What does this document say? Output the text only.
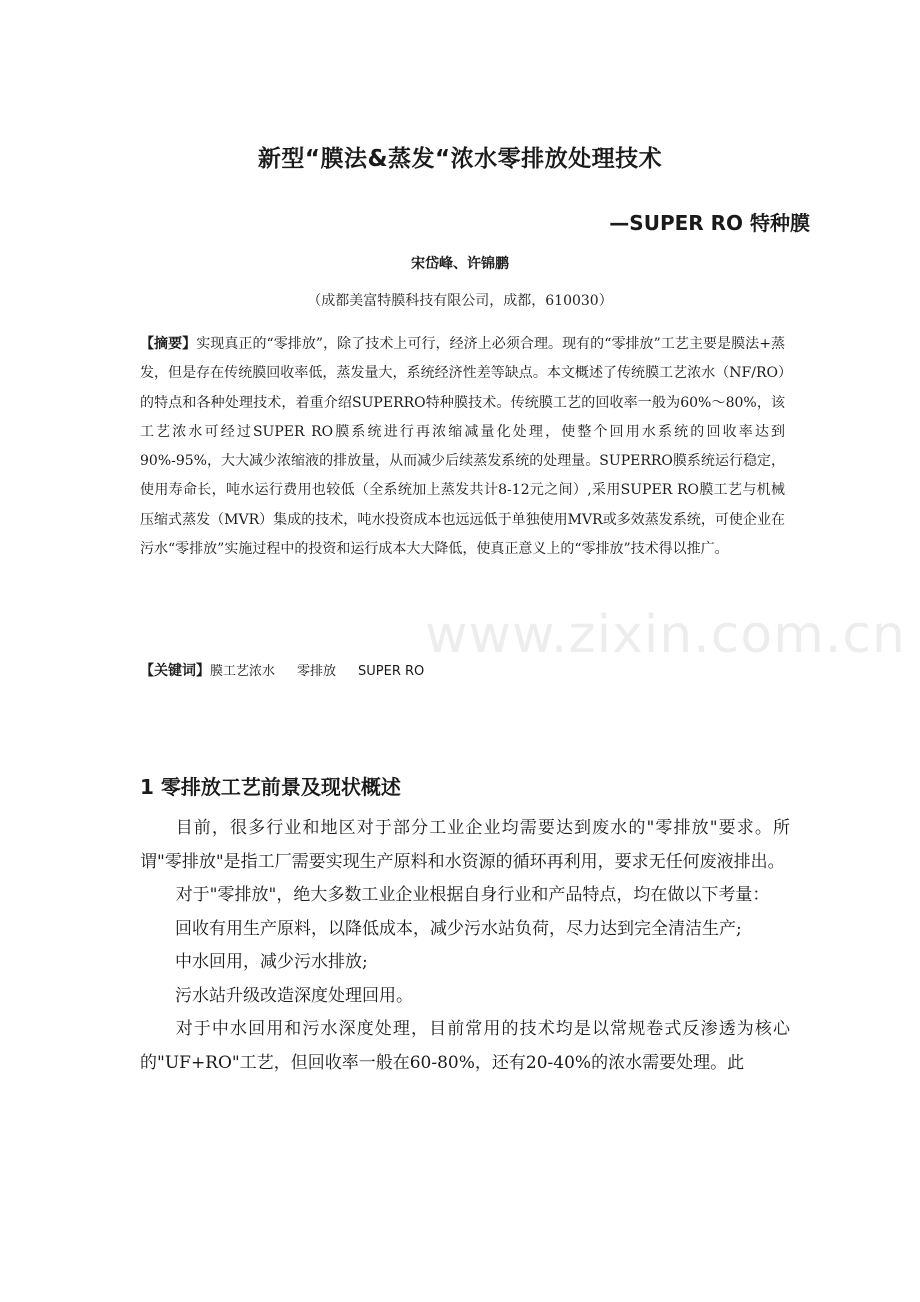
新型“膜法&蒸发“浓水零排放处理技术
—SUPER RO 特种膜
宋岱峰、许锦鹏
（成都美富特膜科技有限公司，成都，610030）

【摘要】实现真正的“零排放”，除了技术上可行，经济上必须合理。现有的“零排放”工艺主要是膜法+蒸发，但是存在传统膜回收率低，蒸发量大，系统经济性差等缺点。本文概述了传统膜工艺浓水（NF/RO）的特点和各种处理技术，着重介绍SUPERRO特种膜技术。传统膜工艺的回收率一般为60%～80%，该工艺浓水可经过SUPER RO膜系统进行再浓缩减量化处理，使整个回用水系统的回收率达到90%-95%，大大减少浓缩液的排放量，从而减少后续蒸发系统的处理量。SUPERRO膜系统运行稳定，使用寿命长，吨水运行费用也较低（全系统加上蒸发共计8-12元之间）,采用SUPER RO膜工艺与机械压缩式蒸发（MVR）集成的技术，吨水投资成本也远远低于单独使用MVR或多效蒸发系统，可使企业在污水“零排放”实施过程中的投资和运行成本大大降低，使真正意义上的“零排放”技术得以推广。

【关键词】膜工艺浓水 零排放 SUPER RO
www.zixin.com.cn
1 零排放工艺前景及现状概述

目前，很多行业和地区对于部分工业企业均需要达到废水的"零排放"要求。所谓"零排放"是指工厂需要实现生产原料和水资源的循环再利用，要求无任何废液排出。

对于"零排放"，绝大多数工业企业根据自身行业和产品特点，均在做以下考量：

回收有用生产原料，以降低成本，减少污水站负荷，尽力达到完全清洁生产;

中水回用，减少污水排放;

污水站升级改造深度处理回用。

对于中水回用和污水深度处理，目前常用的技术均是以常规卷式反渗透为核心的"UF+RO"工艺，但回收率一般在60-80%，还有20-40%的浓水需要处理。此
